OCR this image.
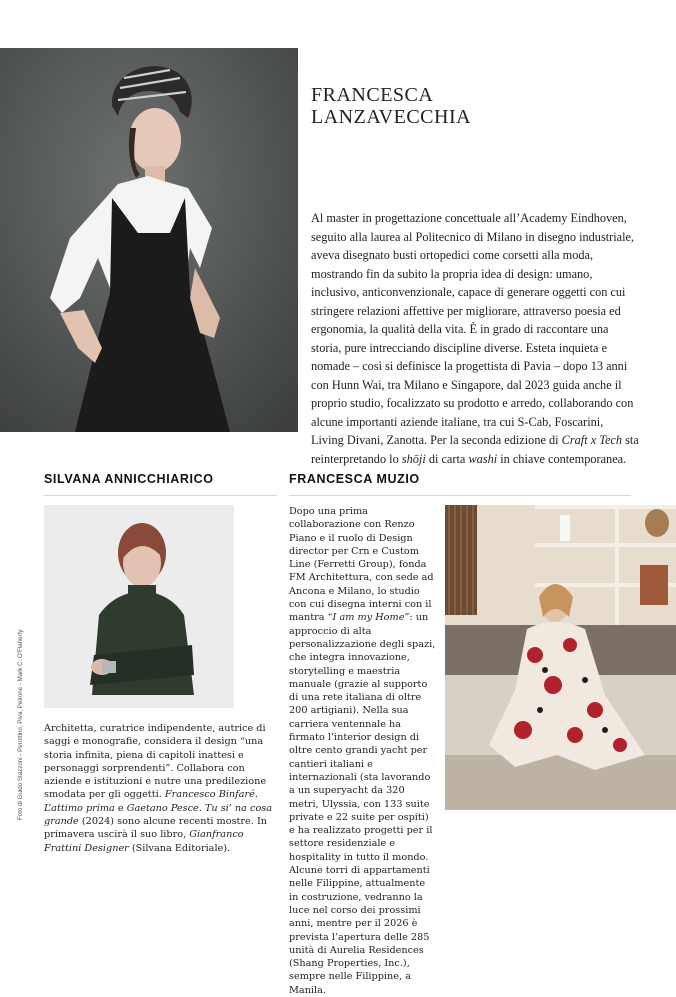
FRANCESCA
LANZAVECCHIA
Al master in progettazione concettuale all’Academy Eindhoven, seguito alla laurea al Politecnico di Milano in disegno industriale, aveva disegnato busti ortopedici come corsetti alla moda, mostrando fin da subito la propria idea di design: umano, inclusivo, anticonvenzionale, capace di generare oggetti con cui stringere relazioni affettive per migliorare, attraverso poesia ed ergonomia, la qualità della vita. È in grado di raccontare una storia, pure intrecciando discipline diverse. Esteta inquieta e nomade – così si definisce la progettista di Pavia – dopo 13 anni con Hunn Wai, tra Milano e Singapore, dal 2023 guida anche il proprio studio, focalizzato su prodotto e arredo, collaborando con alcune importanti aziende italiane, tra cui S-Cab, Foscarini, Living Divani, Zanotta. Per la seconda edizione di Craft x Tech sta reinterpretando lo shōji di carta washi in chiave contemporanea.
SILVANA ANNICCHIARICO	FRANCESCA MUZIO
Architetta, curatrice indipendente, autrice di saggi e monografie, considera il design “una storia infinita, piena di capitoli inattesi e personaggi sorprendenti”. Collabora con aziende e istituzioni e nutre una predilezione smodata per gli oggetti. Francesco Binfaré. L’attimo prima e Gaetano Pesce. Tu si’ na cosa grande (2024) sono alcune recenti mostre. In primavera uscirà il suo libro, Gianfranco Frattini Designer (Silvana Editoriale).
Dopo una prima collaborazione con Renzo Piano e il ruolo di Design director per Crn e Custom Line (Ferretti Group), fonda FM Architettura, con sede ad Ancona e Milano, lo studio con cui disegna interni con il mantra “I am my Home”: un approccio di alta personalizzazione degli spazi, che integra innovazione, storytelling e maestria manuale (grazie al supporto di una rete italiana di oltre 200 artigiani). Nella sua carriera ventennale ha firmato l’interior design di oltre cento grandi yacht per cantieri italiani e internazionali (sta lavorando a un superyacht da 320 metri, Ulyssia, con 133 suite private e 22 suite per ospiti) e ha realizzato progetti per il settore residenziale e hospitality in tutto il mondo. Alcune torri di appartamenti nelle Filippine, attualmente in costruzione, vedranno la luce nel corso dei prossimi anni, mentre per il 2026 è prevista l’apertura delle 285 unità di Aurelia Residences (Shang Properties, Inc.), sempre nelle Filippine, a Manila.
Foto di Guido Stazzoni - Perottino, Piva, Peirone - Mark C. O'Flaherty
